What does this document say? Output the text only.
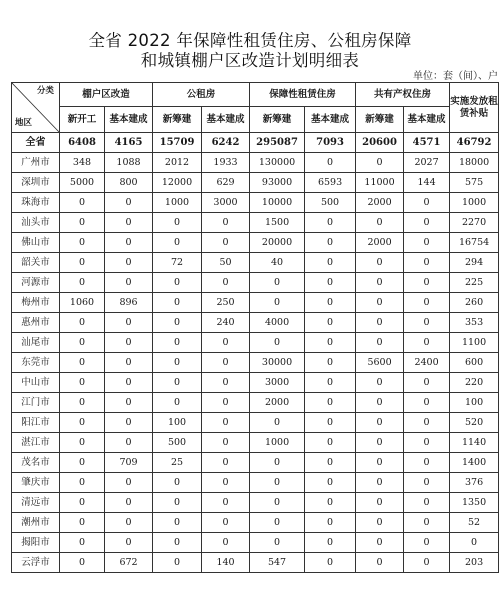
全省 2022 年保障性租赁住房、公租房保障
和城镇棚户区改造计划明细表
单位：套（间）、户
分类
地区	棚户区改造		公租房		保障性租赁住房		共有产权住房		实施发放租赁补贴
	新开工	基本建成	新筹建	基本建成	新筹建	基本建成	新筹建	基本建成	
全省	6408	4165	15709	6242	295087	7093	20600	4571	46792
广州市	348	1088	2012	1933	130000	0	0	2027	18000
深圳市	5000	800	12000	629	93000	6593	11000	144	575
珠海市	0	0	1000	3000	10000	500	2000	0	1000
汕头市	0	0	0	0	1500	0	0	0	2270
佛山市	0	0	0	0	20000	0	2000	0	16754
韶关市	0	0	72	50	40	0	0	0	294
河源市	0	0	0	0	0	0	0	0	225
梅州市	1060	896	0	250	0	0	0	0	260
惠州市	0	0	0	240	4000	0	0	0	353
汕尾市	0	0	0	0	0	0	0	0	1100
东莞市	0	0	0	0	30000	0	5600	2400	600
中山市	0	0	0	0	3000	0	0	0	220
江门市	0	0	0	0	2000	0	0	0	100
阳江市	0	0	100	0	0	0	0	0	520
湛江市	0	0	500	0	1000	0	0	0	1140
茂名市	0	709	25	0	0	0	0	0	1400
肇庆市	0	0	0	0	0	0	0	0	376
清远市	0	0	0	0	0	0	0	0	1350
潮州市	0	0	0	0	0	0	0	0	52
揭阳市	0	0	0	0	0	0	0	0	0
云浮市	0	672	0	140	547	0	0	0	203
